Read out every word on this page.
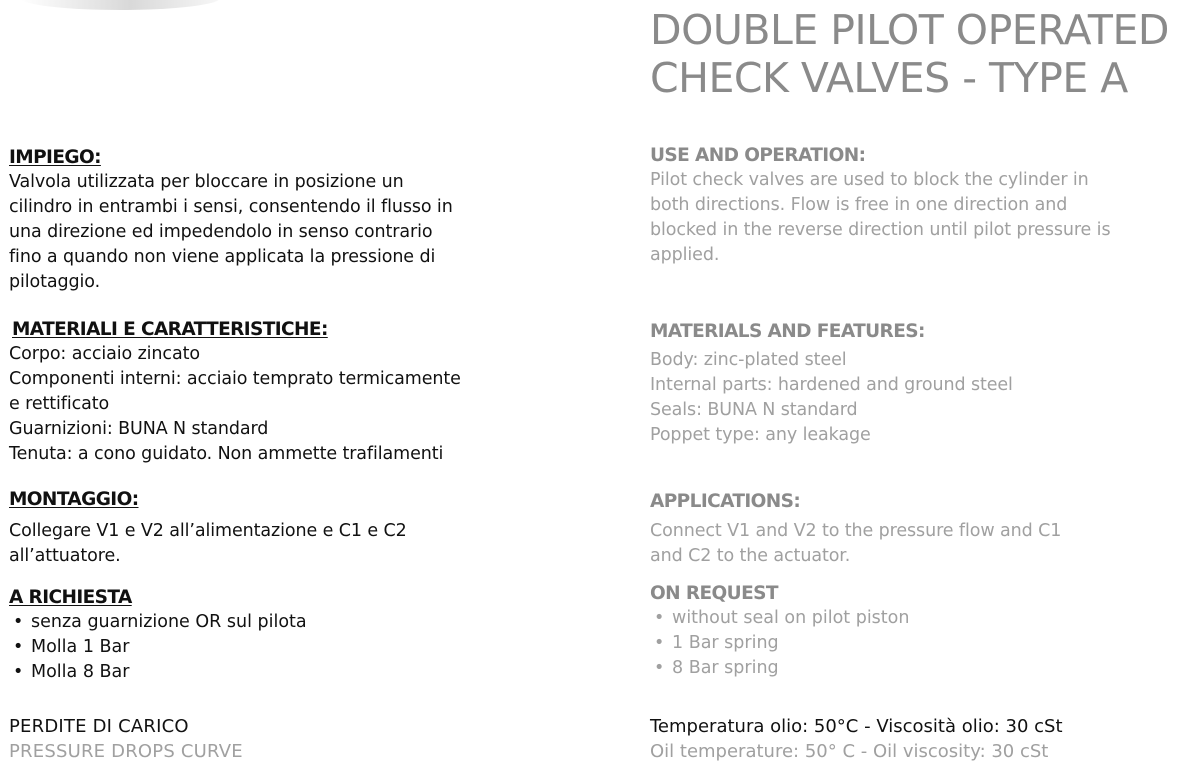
DOUBLE PILOT OPERATED
CHECK VALVES - TYPE A
IMPIEGO:
Valvola utilizzata per bloccare in posizione un
cilindro in entrambi i sensi, consentendo il flusso in
una direzione ed impedendolo in senso contrario
fino a quando non viene applicata la pressione di
pilotaggio.
MATERIALI E CARATTERISTICHE:
Corpo: acciaio zincato
Componenti interni: acciaio temprato termicamente
e rettificato
Guarnizioni: BUNA N standard
Tenuta: a cono guidato. Non ammette trafilamenti
MONTAGGIO:
Collegare V1 e V2 all’alimentazione e C1 e C2
all’attuatore.
A RICHIESTA
• senza guarnizione OR sul pilota
• Molla 1 Bar
• Molla 8 Bar
PERDITE DI CARICO
PRESSURE DROPS CURVE
USE AND OPERATION:
Pilot check valves are used to block the cylinder in
both directions. Flow is free in one direction and
blocked in the reverse direction until pilot pressure is
applied.
MATERIALS AND FEATURES:
Body: zinc-plated steel
Internal parts: hardened and ground steel
Seals: BUNA N standard
Poppet type: any leakage
APPLICATIONS:
Connect V1 and V2 to the pressure flow and C1
and C2 to the actuator.
ON REQUEST
• without seal on pilot piston
• 1 Bar spring
• 8 Bar spring
Temperatura olio: 50°C - Viscosità olio: 30 cSt
Oil temperature: 50° C - Oil viscosity: 30 cSt
